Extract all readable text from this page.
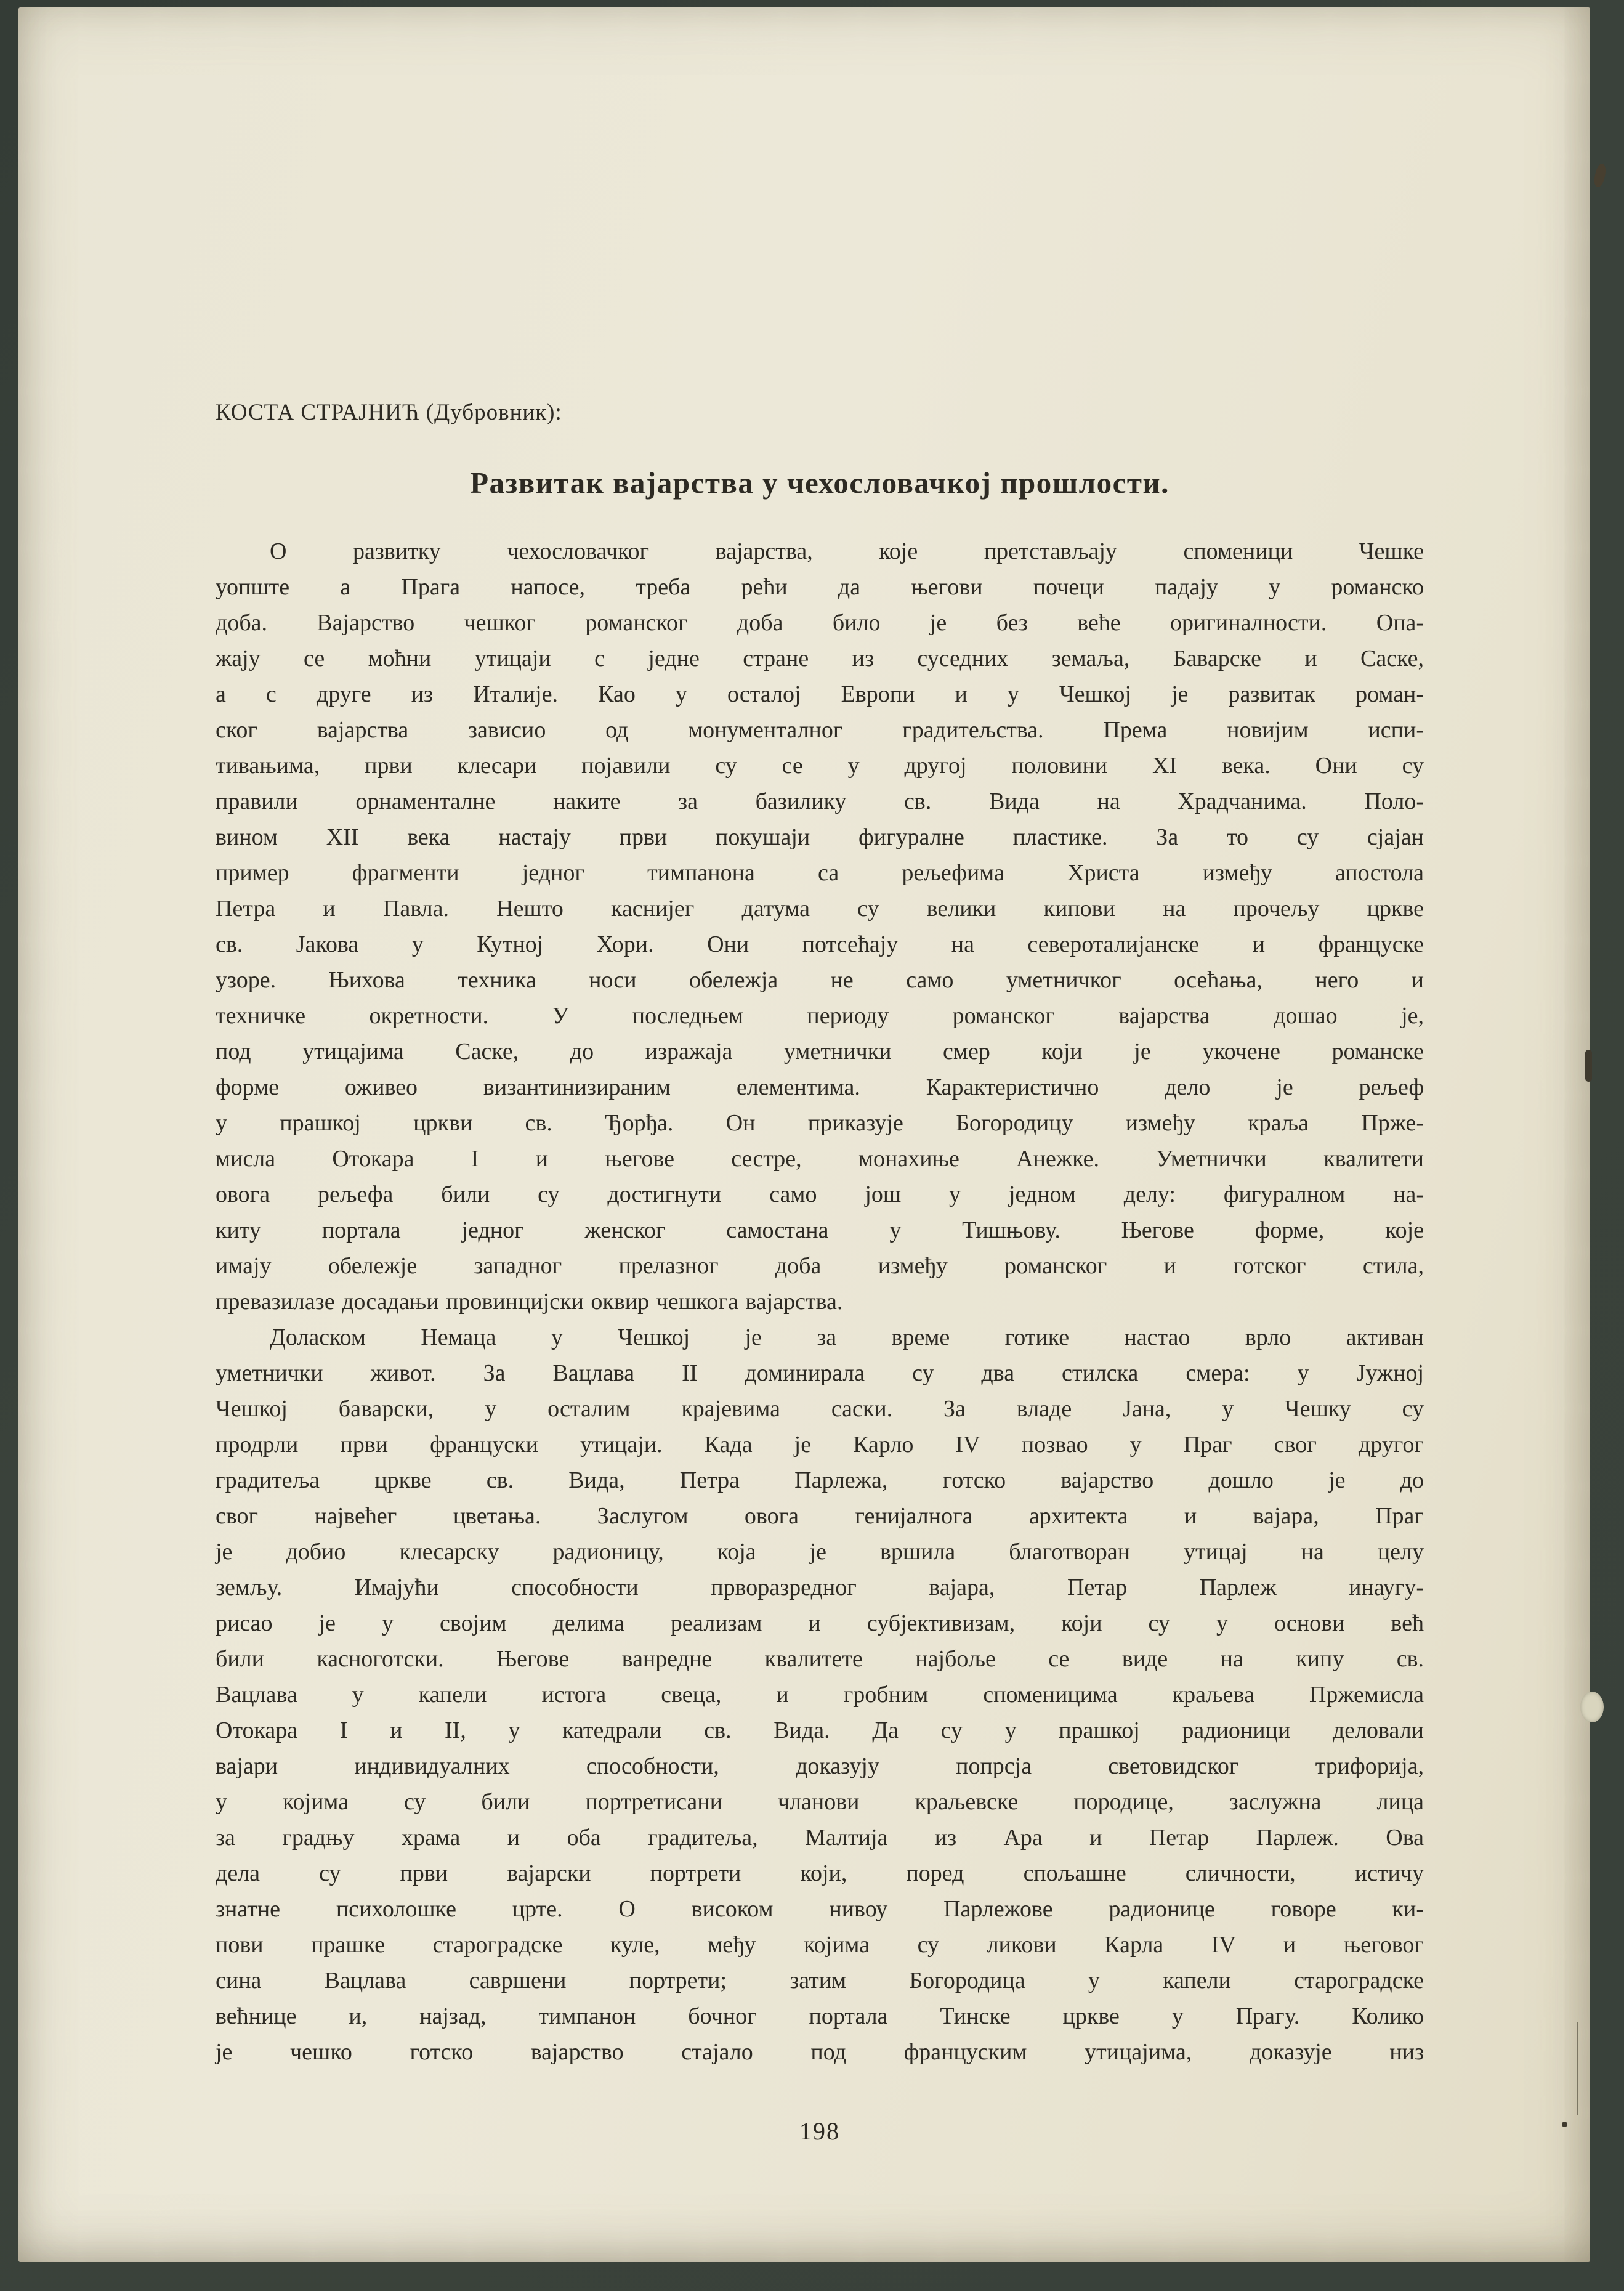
КОСТА СТРАЈНИЋ (Дубровник):
Развитак вајарства у чехословачкој прошлости.
О развитку чехословачког вајарства, које претстављају споменици Чешке
уопште а Прага напосе, треба рећи да његови почеци падају у романско
доба. Вајарство чешког романског доба било је без веће оригиналности. Опа-
жају се моћни утицаји с једне стране из суседних земаља, Баварске и Саске,
а с друге из Италије. Као у осталој Европи и у Чешкој је развитак роман-
ског вајарства зависио од монументалног градитељства. Према новијим испи-
тивањима, први клесари појавили су се у другој половини XI века. Они су
правили орнаменталне наките за базилику св. Вида на Храдчанима. Поло-
вином XII века настају први покушаји фигуралне пластике. За то су сјајан
пример фрагменти једног тимпанона са рељефима Христа између апостола
Петра и Павла. Нешто каснијег датума су велики кипови на прочељу цркве
св. Јакова у Кутној Хори. Они потсећају на североталијанске и француске
узоре. Њихова техника носи обележја не само уметничког осећања, него и
техничке окретности. У последњем периоду романског вајарства дошао је,
под утицајима Саске, до изражаја уметнички смер који је укочене романске
форме оживео византинизираним елементима. Карактеристично дело је рељеф
у прашкој цркви св. Ђорђа. Он приказује Богородицу између краља Прже-
мисла Отокара I и његове сестре, монахиње Анежке. Уметнички квалитети
овога рељефа били су достигнути само још у једном делу: фигуралном на-
киту портала једног женског самостана у Тишњову. Његове форме, које
имају обележје западног прелазног доба између романског и готског стила,
превазилазе досадањи провинцијски оквир чешкога вајарства.
Доласком Немаца у Чешкој је за време готике настао врло активан
уметнички живот. За Вацлава II доминирала су два стилска смера: у Јужној
Чешкој баварски, у осталим крајевима саски. За владе Јана, у Чешку су
продрли први француски утицаји. Када је Карло IV позвао у Праг свог другог
градитеља цркве св. Вида, Петра Парлежа, готско вајарство дошло је до
свог највећег цветања. Заслугом овога генијалнога архитекта и вајара, Праг
је добио клесарску радионицу, која је вршила благотворан утицај на целу
земљу. Имајући способности прворазредног вајара, Петар Парлеж инаугу-
рисао је у својим делима реализам и субјективизам, који су у основи већ
били касноготски. Његове ванредне квалитете најбоље се виде на кипу св.
Вацлава у капели истога свеца, и гробним споменицима краљева Пржемисла
Отокара I и II, у катедрали св. Вида. Да су у прашкој радионици деловали
вајари индивидуалних способности, доказују попрсја световидског трифорија,
у којима су били портретисани чланови краљевске породице, заслужна лица
за градњу храма и оба градитеља, Малтија из Ара и Петар Парлеж. Ова
дела су први вајарски портрети који, поред спољашне сличности, истичу
знатне психолошке црте. О високом нивоу Парлежове радионице говоре ки-
пови прашке староградске куле, међу којима су ликови Карла IV и његовог
сина Вацлава савршени портрети; затим Богородица у капели староградске
већнице и, најзад, тимпанон бочног портала Тинске цркве у Прагу. Колико
је чешко готско вајарство стајало под француским утицајима, доказује низ
198
